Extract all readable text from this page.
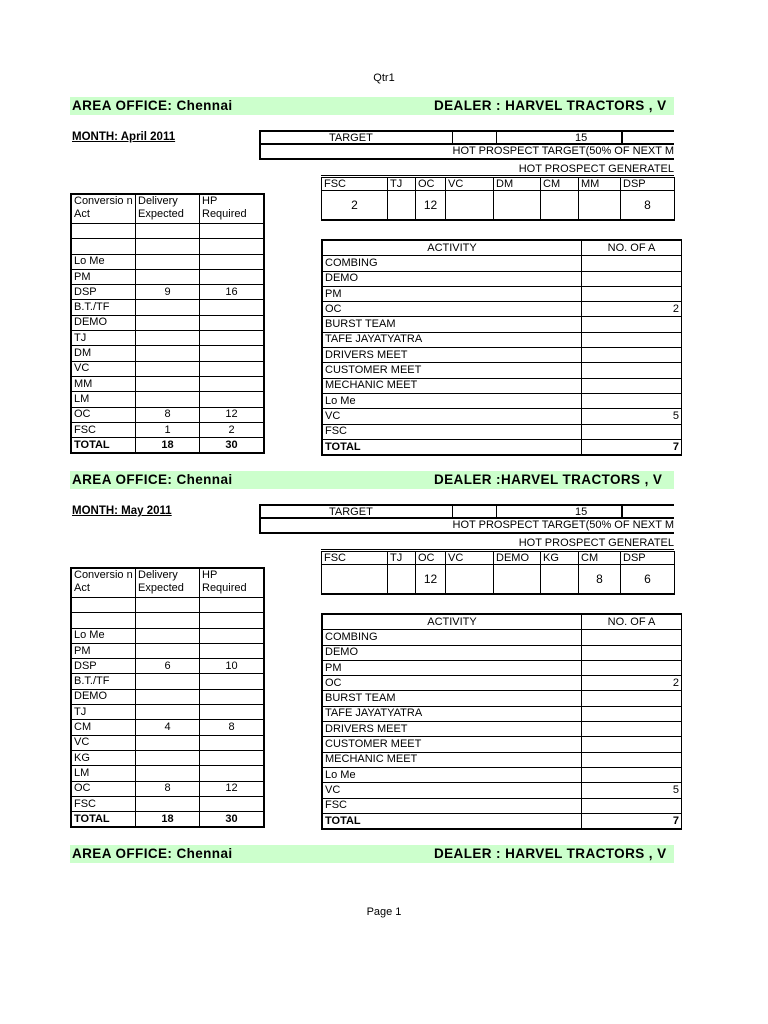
Qtr1
AREA OFFICE: Chennai	DEALER : HARVEL TRACTORS , V
MONTH: April 2011	TARGET	15
HOT PROSPECT TARGET(50% OF NEXT M
HOT PROSPECT GENERATEL
FSC	TJ	OC	VC	DM	CM	MM	DSP
2		12					8
Conversio n Act	Delivery Expected	HP Required

Lo Me		
PM		
DSP	9	16
B.T./TF		
DEMO		
TJ		
DM		
VC		
MM		
LM		
OC	8	12
FSC	1	2
TOTAL	18	30
ACTIVITY	NO. OF A
COMBING	
DEMO	
PM	
OC	2
BURST TEAM	
TAFE JAYATYATRA	
DRIVERS MEET	
CUSTOMER MEET	
MECHANIC MEET	
Lo Me	
VC	5
FSC	
TOTAL	7
AREA OFFICE: Chennai	DEALER :HARVEL TRACTORS , V
MONTH: May 2011	TARGET	15
HOT PROSPECT TARGET(50% OF NEXT M
HOT PROSPECT GENERATEL
FSC	TJ	OC	VC	DEMO	KG	CM	DSP
		12				8	6
Conversio n Act	Delivery Expected	HP Required

Lo Me		
PM		
DSP	6	10
B.T./TF		
DEMO		
TJ		
CM	4	8
VC		
KG		
LM		
OC	8	12
FSC		
TOTAL	18	30
ACTIVITY	NO. OF A
COMBING	
DEMO	
PM	
OC	2
BURST TEAM	
TAFE JAYATYATRA	
DRIVERS MEET	
CUSTOMER MEET	
MECHANIC MEET	
Lo Me	
VC	5
FSC	
TOTAL	7
AREA OFFICE: Chennai	DEALER : HARVEL TRACTORS , V
Page 1
